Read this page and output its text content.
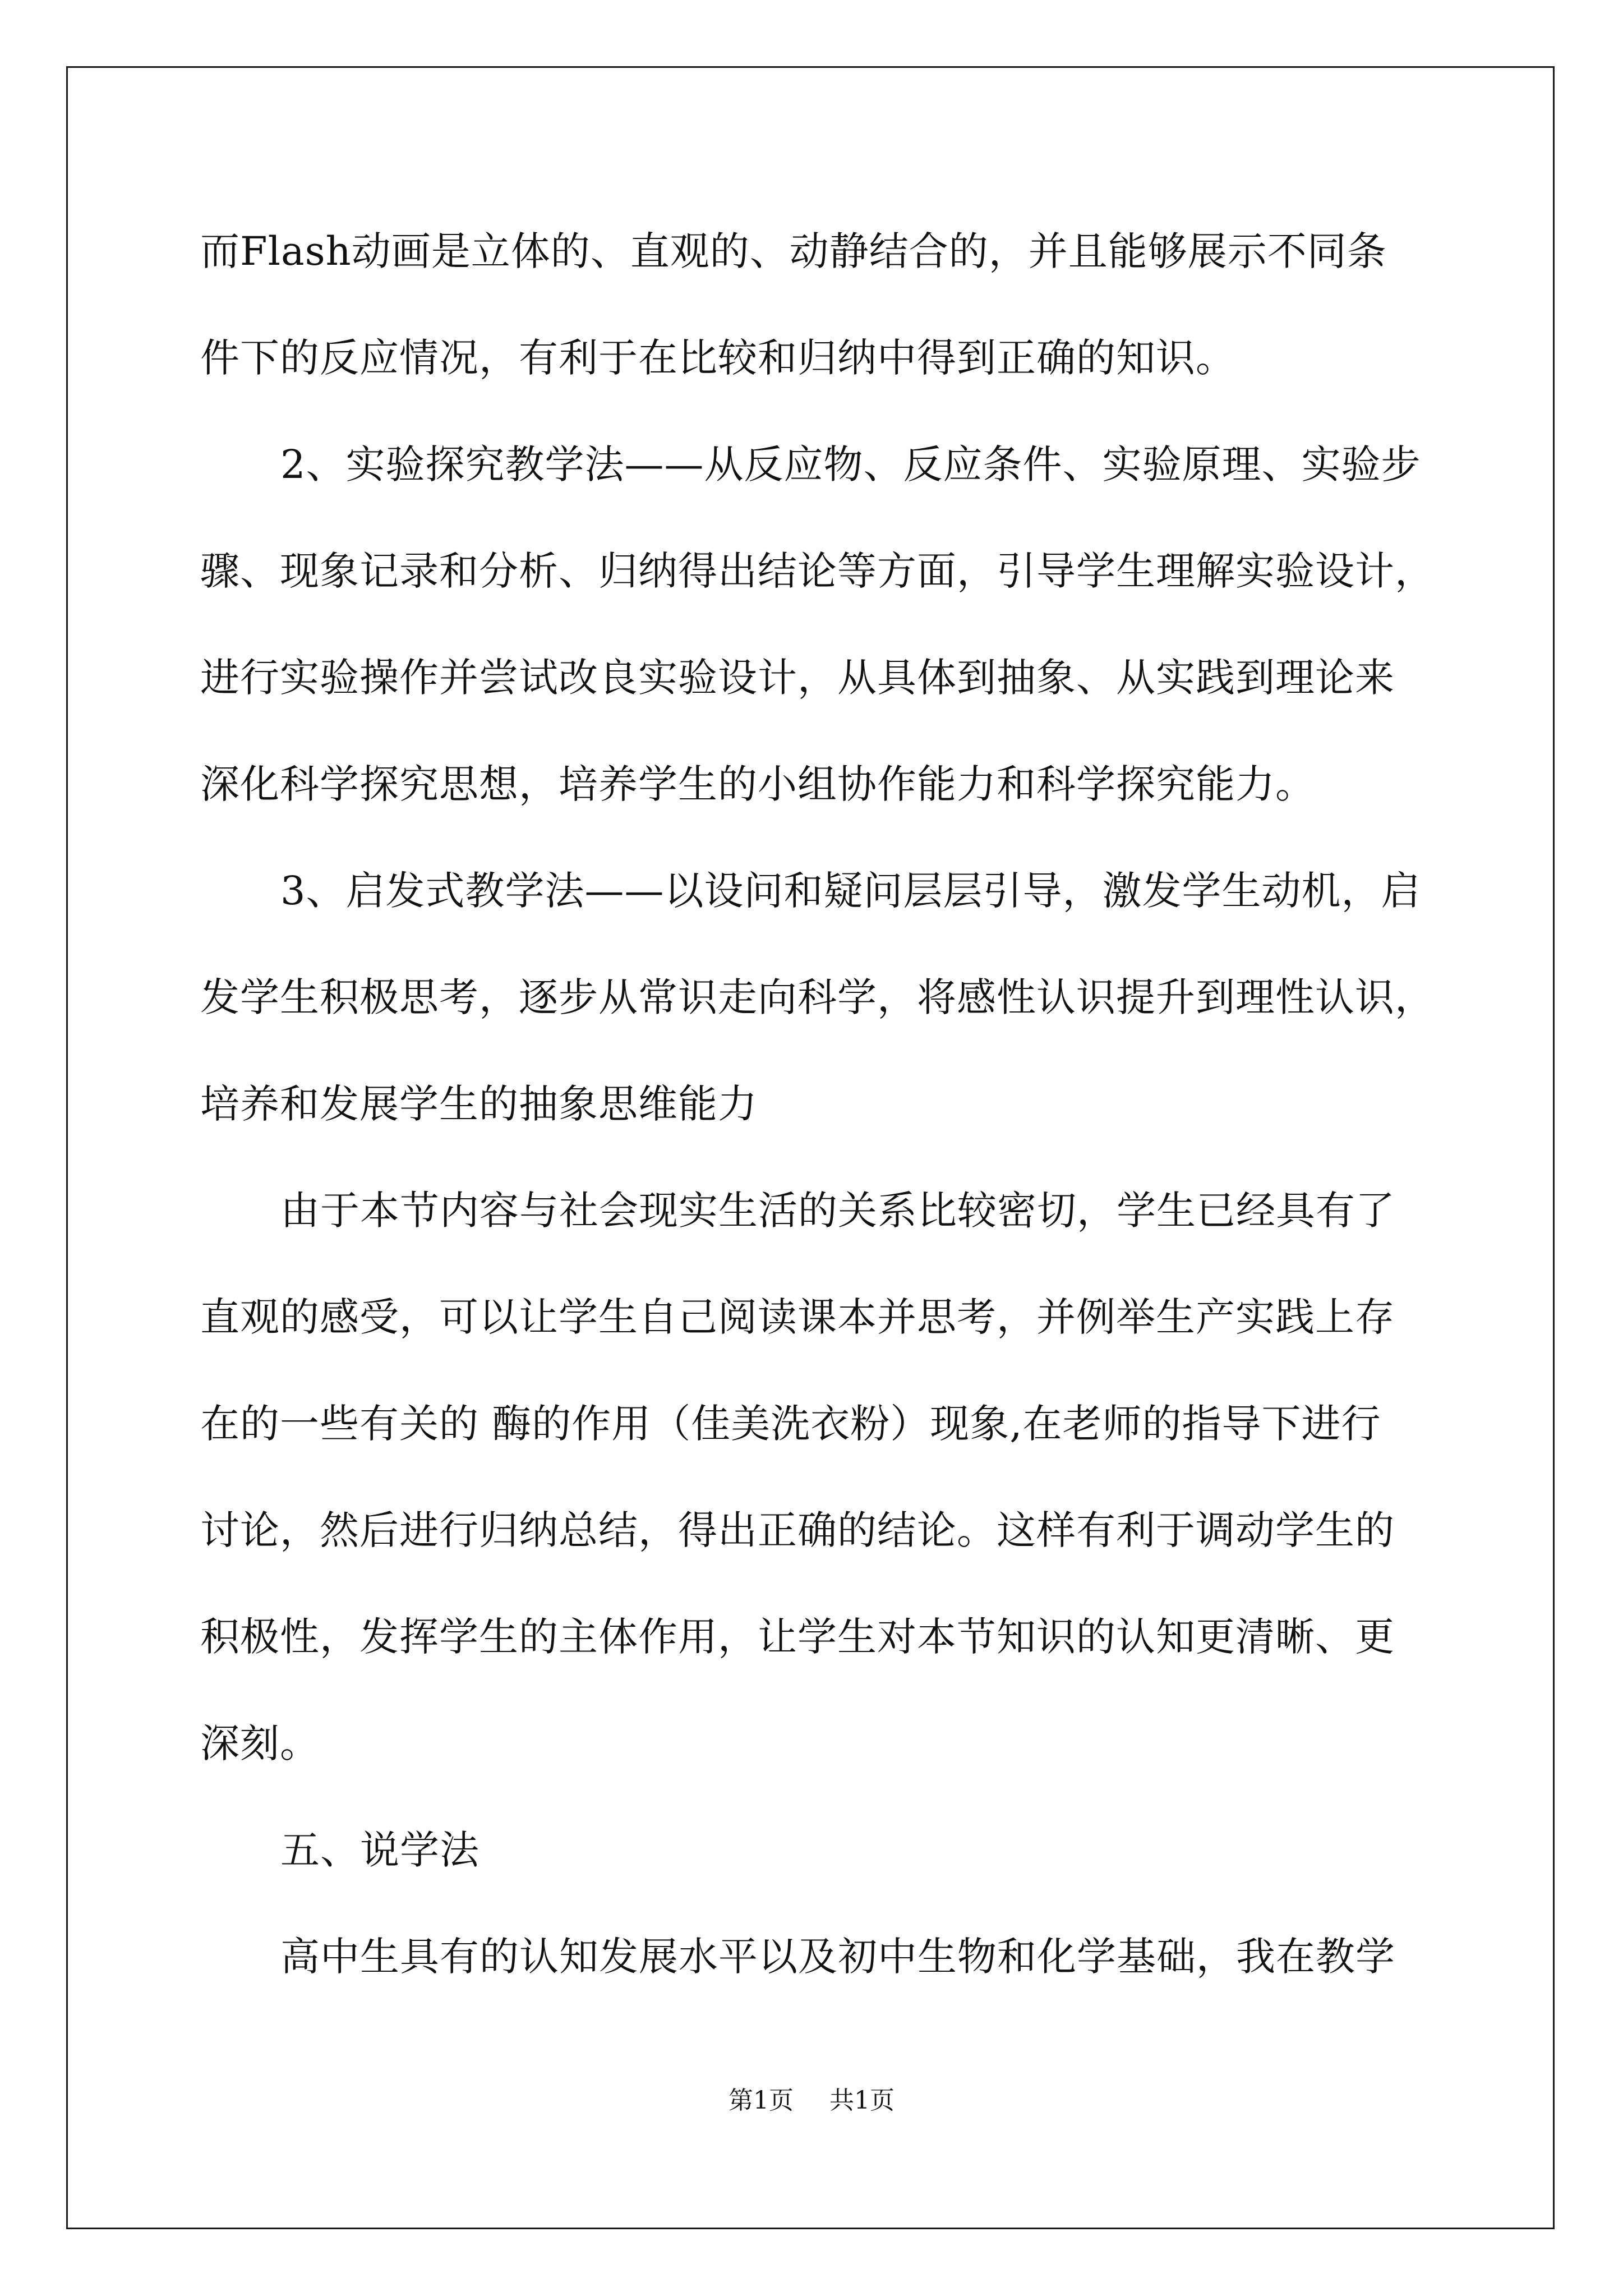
而Flash动画是立体的、直观的、动静结合的，并且能够展示不同条
件下的反应情况，有利于在比较和归纳中得到正确的知识。
2、实验探究教学法——从反应物、反应条件、实验原理、实验步
骤、现象记录和分析、归纳得出结论等方面，引导学生理解实验设计，
进行实验操作并尝试改良实验设计，从具体到抽象、从实践到理论来
深化科学探究思想，培养学生的小组协作能力和科学探究能力。
3、启发式教学法——以设问和疑问层层引导，激发学生动机，启
发学生积极思考，逐步从常识走向科学，将感性认识提升到理性认识，
培养和发展学生的抽象思维能力
由于本节内容与社会现实生活的关系比较密切，学生已经具有了
直观的感受，可以让学生自己阅读课本并思考，并例举生产实践上存
在的一些有关的 酶的作用（佳美洗衣粉）现象,在老师的指导下进行
讨论，然后进行归纳总结，得出正确的结论。这样有利于调动学生的
积极性，发挥学生的主体作用，让学生对本节知识的认知更清晰、更
深刻。
五、说学法
高中生具有的认知发展水平以及初中生物和化学基础，我在教学
第1页 共1页
